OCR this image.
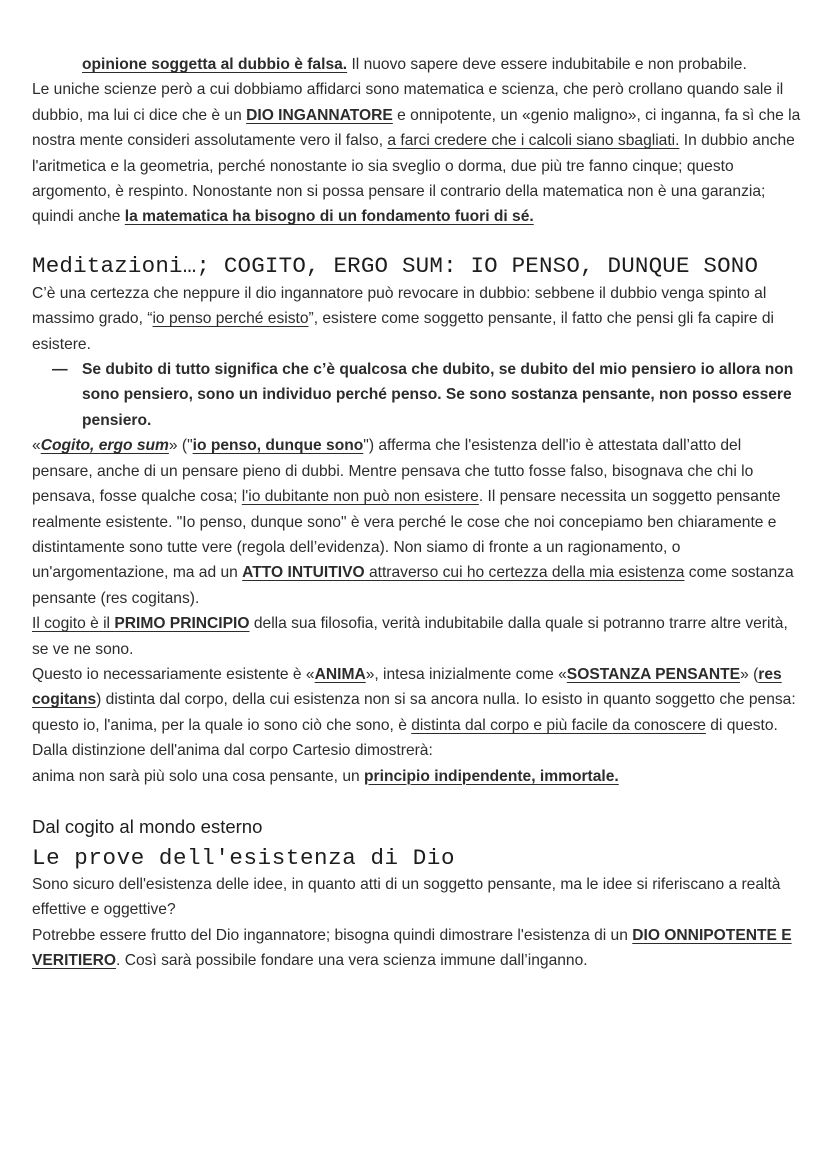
opinione soggetta al dubbio è falsa. Il nuovo sapere deve essere indubitabile e non probabile.

Le uniche scienze però a cui dobbiamo affidarci sono matematica e scienza, che però crollano quando sale il dubbio, ma lui ci dice che è un DIO INGANNATORE e onnipotente, un «genio maligno», ci inganna, fa sì che la nostra mente consideri assolutamente vero il falso, a farci credere che i calcoli siano sbagliati. In dubbio anche l'aritmetica e la geometria, perché nonostante io sia sveglio o dorma, due più tre fanno cinque; questo argomento, è respinto. Nonostante non si possa pensare il contrario della matematica non è una garanzia; quindi anche la matematica ha bisogno di un fondamento fuori di sé.

Meditazioni…; COGITO, ERGO SUM: IO PENSO, DUNQUE SONO

C’è una certezza che neppure il dio ingannatore può revocare in dubbio: sebbene il dubbio venga spinto al massimo grado, “io penso perché esisto”, esistere come soggetto pensante, il fatto che pensi gli fa capire di esistere.

— Se dubito di tutto significa che c’è qualcosa che dubito, se dubito del mio pensiero io allora non sono pensiero, sono un individuo perché penso. Se sono sostanza pensante, non posso essere pensiero.

«Cogito, ergo sum» ("io penso, dunque sono") afferma che l'esistenza dell'io è attestata dall’atto del pensare, anche di un pensare pieno di dubbi. Mentre pensava che tutto fosse falso, bisognava che chi lo pensava, fosse qualche cosa; l'io dubitante non può non esistere. Il pensare necessita un soggetto pensante realmente esistente. "Io penso, dunque sono" è vera perché le cose che noi concepiamo ben chiaramente e distintamente sono tutte vere (regola dell’evidenza). Non siamo di fronte a un ragionamento, o un'argomentazione, ma ad un ATTO INTUITIVO attraverso cui ho certezza della mia esistenza come sostanza pensante (res cogitans).

Il cogito è il PRIMO PRINCIPIO della sua filosofia, verità indubitabile dalla quale si potranno trarre altre verità, se ve ne sono.

Questo io necessariamente esistente è «ANIMA», intesa inizialmente come «SOSTANZA PENSANTE» (res cogitans) distinta dal corpo, della cui esistenza non si sa ancora nulla. Io esisto in quanto soggetto che pensa: questo io, l'anima, per la quale io sono ciò che sono, è distinta dal corpo e più facile da conoscere di questo.

Dalla distinzione dell'anima dal corpo Cartesio dimostrerà:

anima non sarà più solo una cosa pensante, un principio indipendente, immortale.

Dal cogito al mondo esterno
Le prove dell'esistenza di Dio

Sono sicuro dell'esistenza delle idee, in quanto atti di un soggetto pensante, ma le idee si riferiscano a realtà effettive e oggettive?

Potrebbe essere frutto del Dio ingannatore; bisogna quindi dimostrare l'esistenza di un DIO ONNIPOTENTE E VERITIERO. Così sarà possibile fondare una vera scienza immune dall’inganno.
